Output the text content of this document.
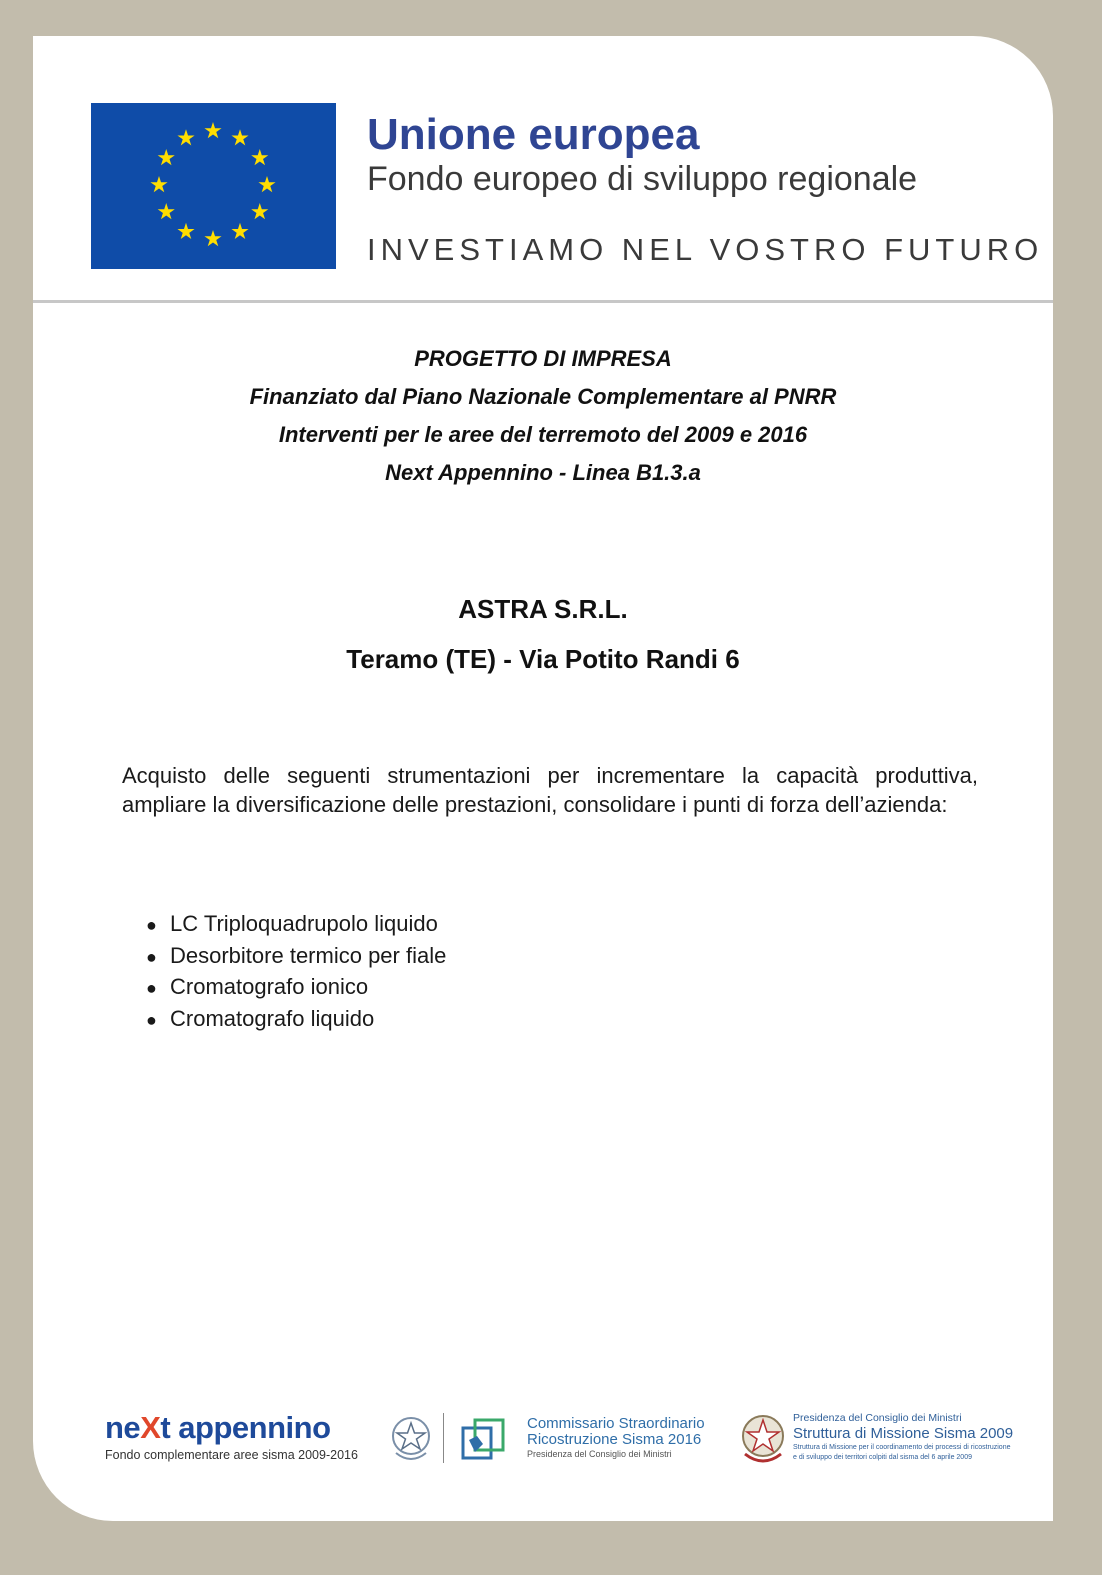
Unione europea
Fondo europeo di sviluppo regionale
INVESTIAMO NEL VOSTRO FUTURO
PROGETTO DI IMPRESA
Finanziato dal Piano Nazionale Complementare al PNRR
Interventi per le aree del terremoto del 2009 e 2016
Next Appennino - Linea B1.3.a
ASTRA S.R.L.
Teramo (TE) - Via Potito Randi 6
Acquisto delle seguenti strumentazioni per incrementare la capacità produttiva, ampliare la diversificazione delle prestazioni, consolidare i punti di forza dell’azienda:
● LC Triploquadrupolo liquido
● Desorbitore termico per fiale
● Cromatografo ionico
● Cromatografo liquido
neXt appennino
Fondo complementare aree sisma 2009-2016
Commissario Straordinario
Ricostruzione Sisma 2016
Presidenza del Consiglio dei Ministri
Presidenza del Consiglio dei Ministri
Struttura di Missione Sisma 2009
Struttura di Missione per il coordinamento dei processi di ricostruzione
e di sviluppo dei territori colpiti dal sisma del 6 aprile 2009
